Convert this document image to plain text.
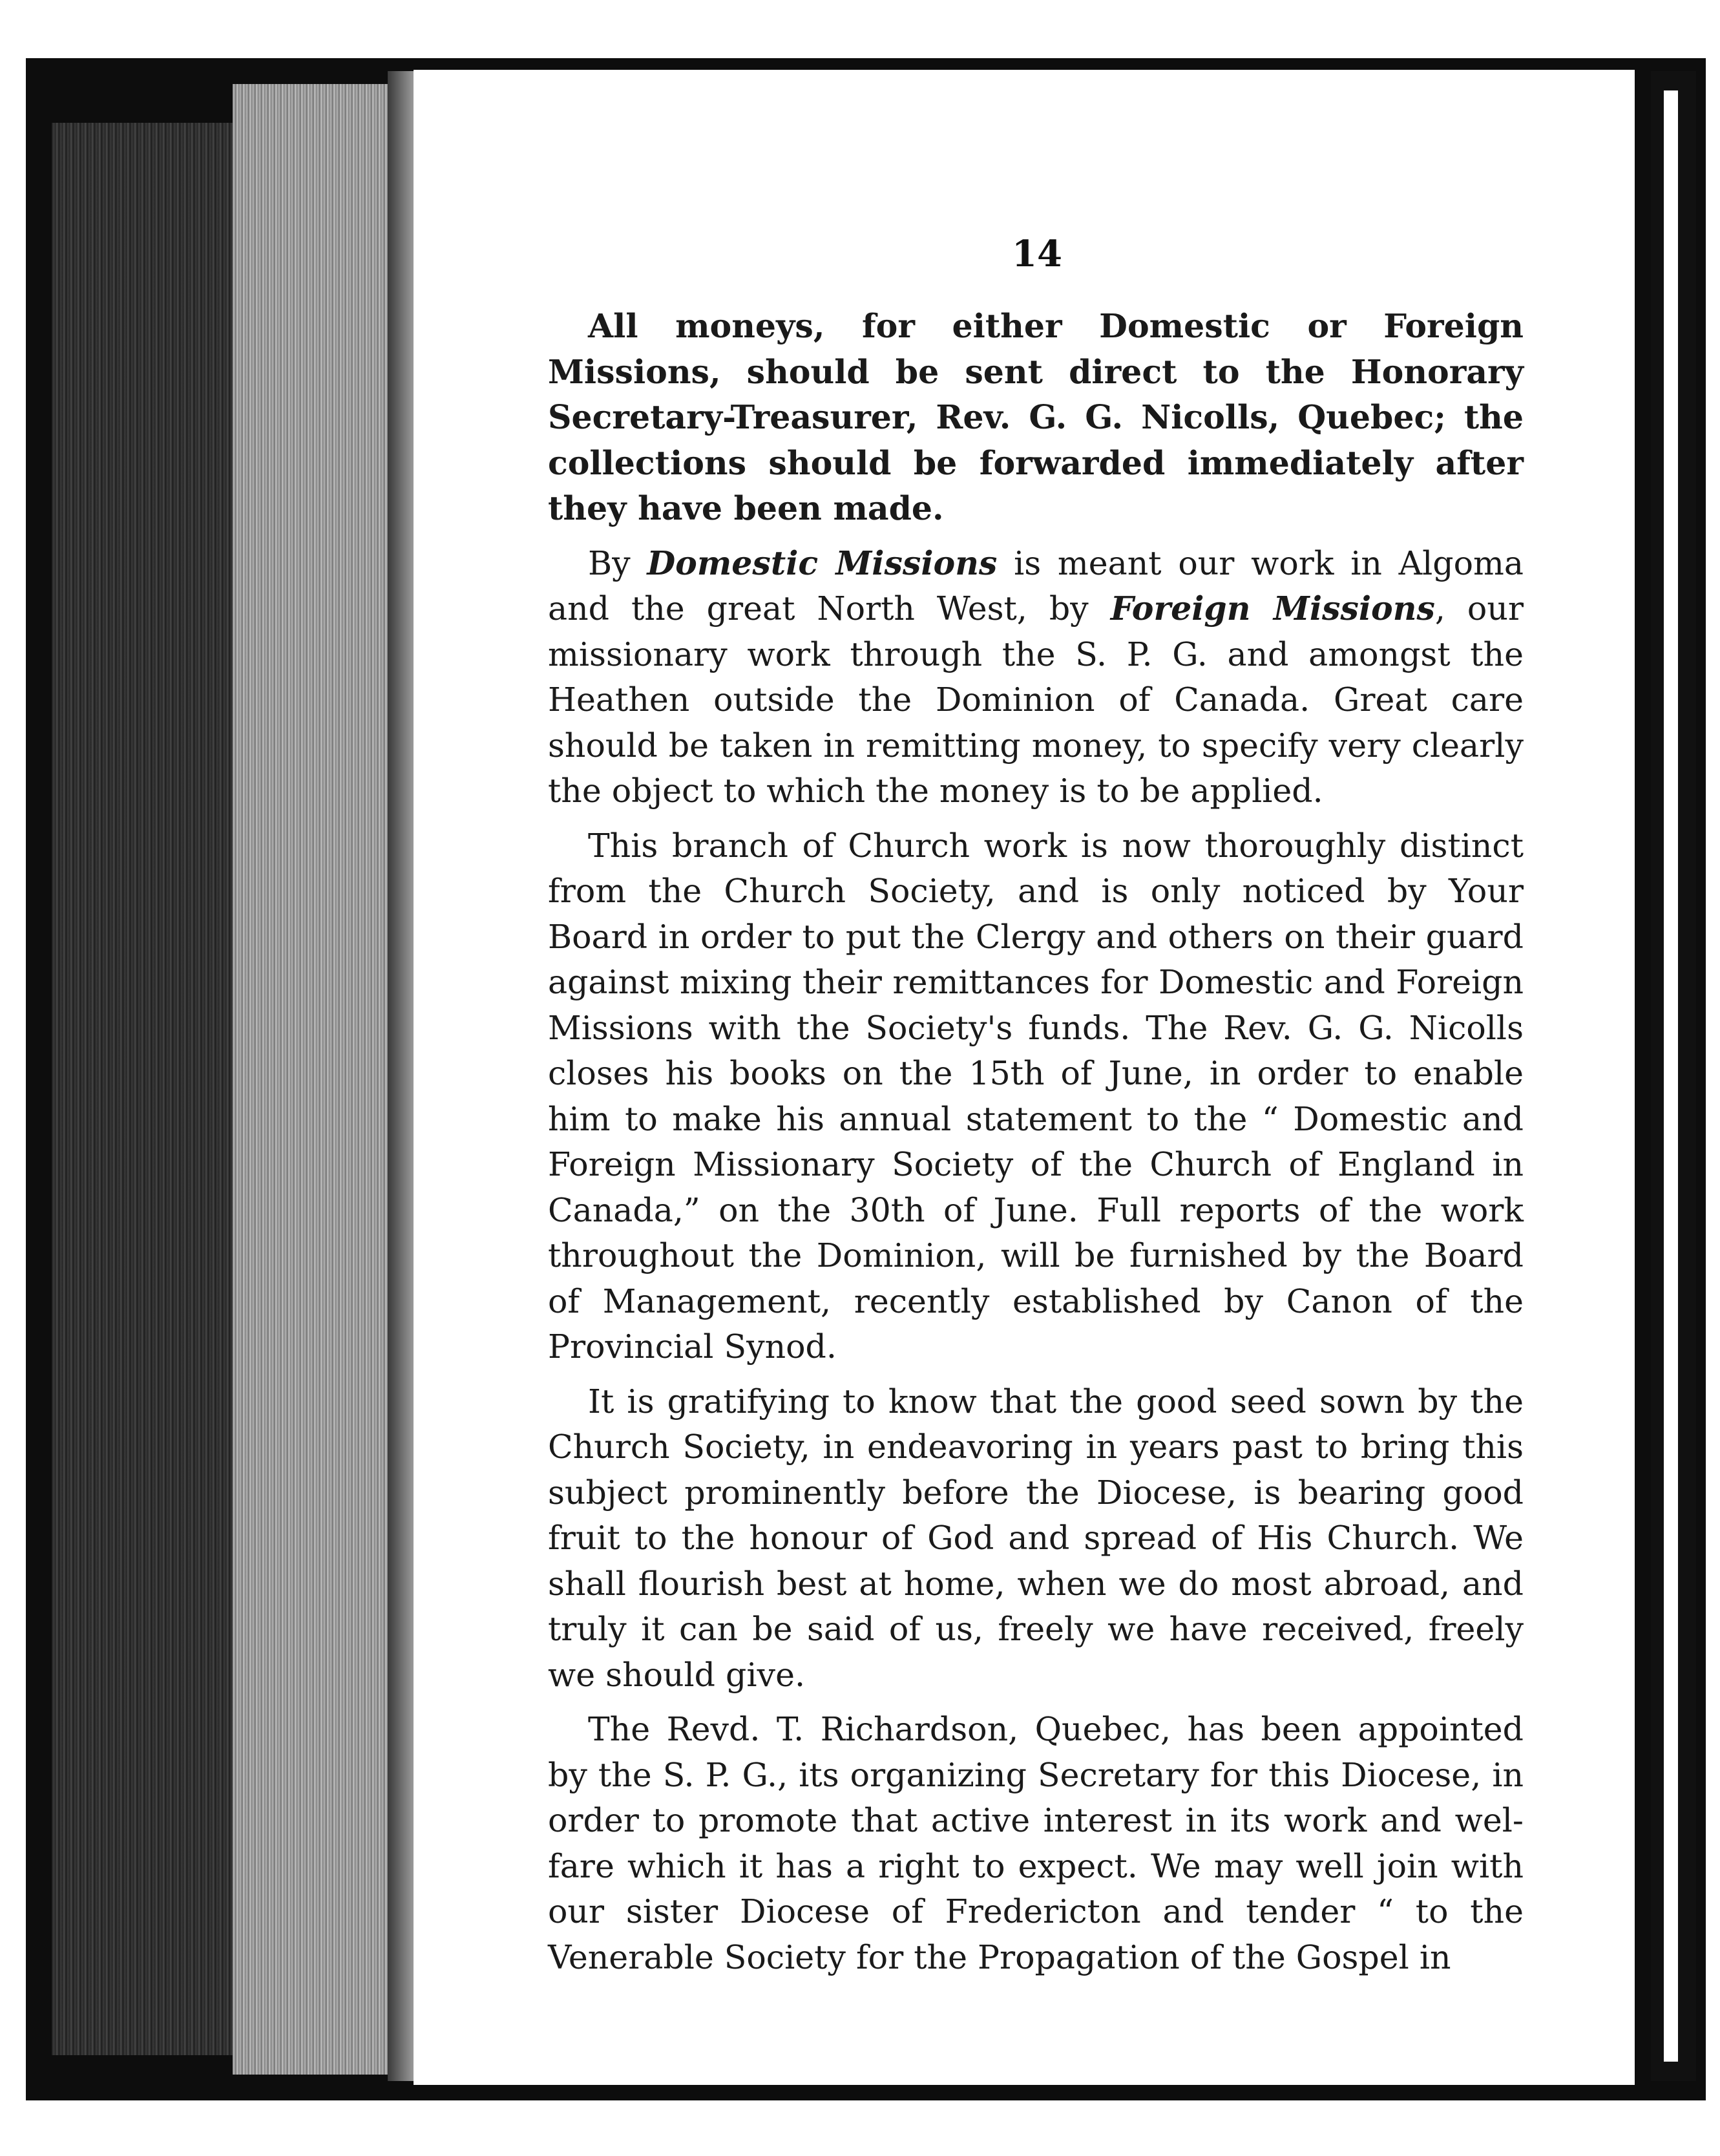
14

All moneys, for either Domestic or Foreign Missions, should be sent direct to the Honorary Secretary-Treasurer, Rev. G. G. Nicolls, Quebec; the collections should be forwarded immediately after they have been made.

By Domestic Missions is meant our work in Algoma and the great North West, by Foreign Missions, our missionary work through the S. P. G. and amongst the Heathen outside the Dominion of Canada. Great care should be taken in remitting money, to specify very clearly the object to which the money is to be applied.

This branch of Church work is now thoroughly distinct from the Church Society, and is only noticed by Your Board in order to put the Clergy and others on their guard against mixing their remittances for Domestic and Foreign Missions with the Society's funds. The Rev. G. G. Nicolls closes his books on the 15th of June, in order to enable him to make his annual statement to the “ Domestic and Foreign Missionary Society of the Church of England in Canada,” on the 30th of June. Full reports of the work throughout the Dominion, will be furnished by the Board of Management, recently established by Canon of the Provincial Synod.

It is gratifying to know that the good seed sown by the Church Society, in endeavoring in years past to bring this subject prominently before the Diocese, is bearing good fruit to the honour of God and spread of His Church. We shall flourish best at home, when we do most abroad, and truly it can be said of us, freely we have received, freely we should give.

The Revd. T. Richardson, Quebec, has been appointed by the S. P. G., its organizing Secretary for this Diocese, in order to promote that active interest in its work and welfare which it has a right to expect. We may well join with our sister Diocese of Fredericton and tender “ to the Venerable Society for the Propagation of the Gospel in
